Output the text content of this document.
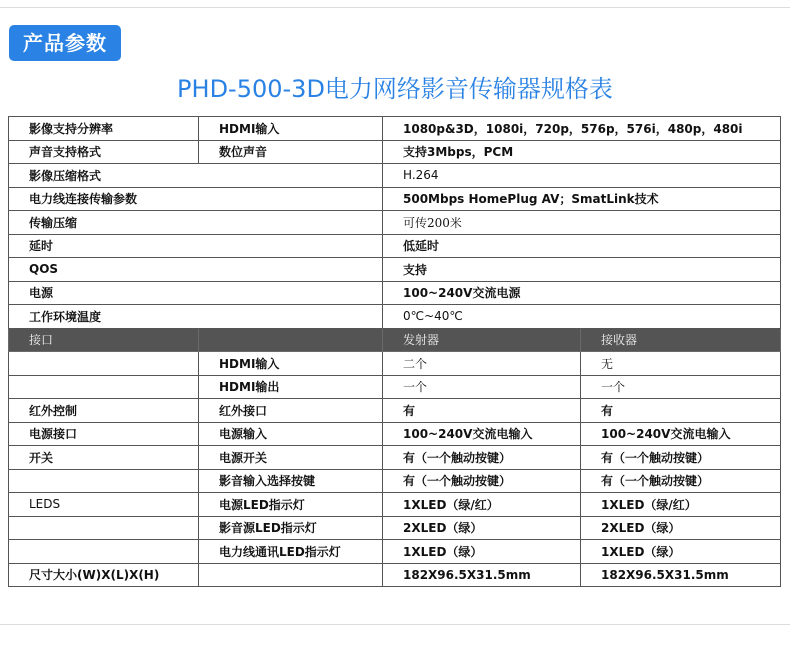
产品参数
PHD-500-3D电力网络影音传输器规格表
影像支持分辨率	HDMI输入	1080p&3D，1080i，720p，576p，576i，480p，480i	
声音支持格式	数位声音	支持3Mbps，PCM	
影像压缩格式		H.264	
电力线连接传输参数		500Mbps HomePlug AV；SmatLink技术	
传输压缩		可传200米	
延时		低延时	
QOS		支持	
电源		100~240V交流电源	
工作环境温度		0℃~40℃	
接口		发射器	接收器
	HDMI输入	二个	无
	HDMI输出	一个	一个
红外控制	红外接口	有	有
电源接口	电源输入	100~240V交流电输入	100~240V交流电输入
开关	电源开关	有（一个触动按键）	有（一个触动按键）
	影音输入选择按键	有（一个触动按键）	有（一个触动按键）
LEDS	电源LED指示灯	1XLED（绿/红）	1XLED（绿/红）
	影音源LED指示灯	2XLED（绿）	2XLED（绿）
	电力线通讯LED指示灯	1XLED（绿）	1XLED（绿）
尺寸大小(W)X(L)X(H)		182X96.5X31.5mm	182X96.5X31.5mm
